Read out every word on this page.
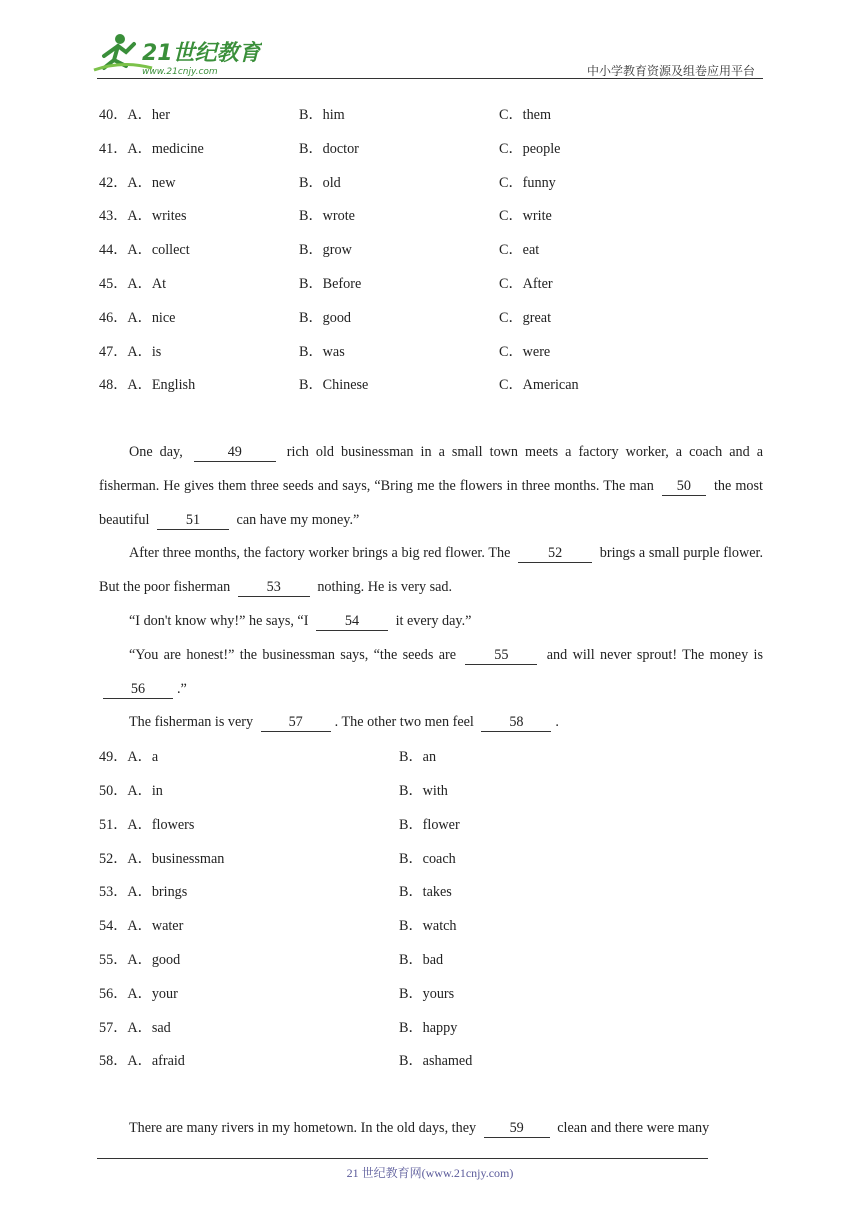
21世纪教育
www.21cnjy.com	中小学教育资源及组卷应用平台
40．A．her	B．him	C．them
41．A．medicine	B．doctor	C．people
42．A．new	B．old	C．funny
43．A．writes	B．wrote	C．write
44．A．collect	B．grow	C．eat
45．A．At	B．Before	C．After
46．A．nice	B．good	C．great
47．A．is	B．was	C．were
48．A．English	B．Chinese	C．American

One day,	49	rich old businessman in a small town meets a factory worker, a coach and a fisherman. He gives them three seeds and says, “Bring me the flowers in three months. The man 50 the most beautiful	51	can have my money.”

After three months, the factory worker brings a big red flower. The	52	brings a small purple flower. But the poor fisherman	53	nothing. He is very sad.

“I don't know why!” he says, “I	54	it every day.”

“You are honest!” the businessman says, “the seeds are	55	and will never sprout! The money is 56 .”

The fisherman is very 57 . The other two men feel 58 .

49．A．a	B．an
50．A．in	B．with
51．A．flowers	B．flower
52．A．businessman	B．coach
53．A．brings	B．takes
54．A．water	B．watch
55．A．good	B．bad
56．A．your	B．yours
57．A．sad	B．happy
58．A．afraid	B．ashamed

There are many rivers in my hometown. In the old days, they 59 clean and there were many

21 世纪教育网(www.21cnjy.com)
